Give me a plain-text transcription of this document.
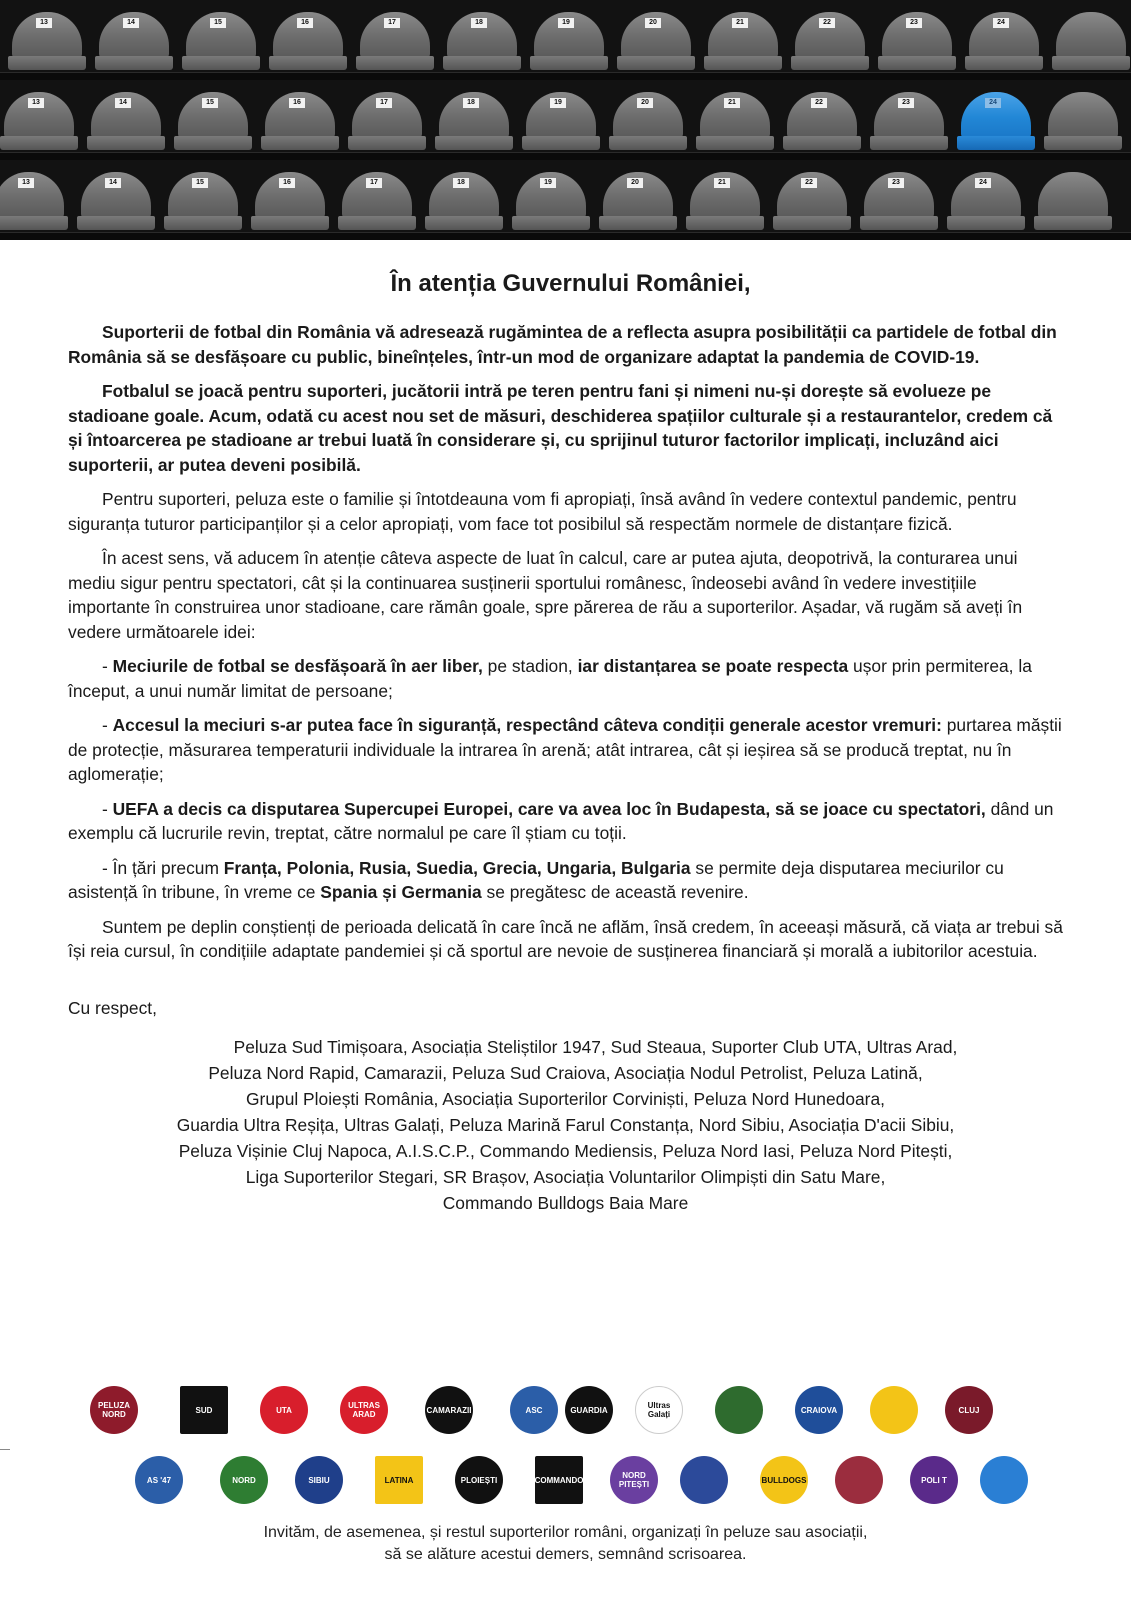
13	14	15	16	17	18	19	20	21	22	23	24
13	14	15	16	17	18	19	20	21	22	23	24
13	14	15	16	17	18	19	20	21	22	23	24
În atenția Guvernului României,

Suporterii de fotbal din România vă adresează rugămintea de a reflecta asupra posibilității ca partidele de fotbal din România să se desfășoare cu public, bineînțeles, într-un mod de organizare adaptat la pandemia de COVID-19.

Fotbalul se joacă pentru suporteri, jucătorii intră pe teren pentru fani și nimeni nu-și dorește să evolueze pe stadioane goale. Acum, odată cu acest nou set de măsuri, deschiderea spațiilor culturale și a restaurantelor, credem că și întoarcerea pe stadioane ar trebui luată în considerare și, cu sprijinul tuturor factorilor implicați, incluzând aici suporterii, ar putea deveni posibilă.

Pentru suporteri, peluza este o familie și întotdeauna vom fi apropiați, însă având în vedere contextul pandemic, pentru siguranța tuturor participanților și a celor apropiați, vom face tot posibilul să respectăm normele de distanțare fizică.

În acest sens, vă aducem în atenție câteva aspecte de luat în calcul, care ar putea ajuta, deopotrivă, la conturarea unui mediu sigur pentru spectatori, cât și la continuarea susținerii sportului românesc, îndeosebi având în vedere investițiile importante în construirea unor stadioane, care rămân goale, spre părerea de rău a suporterilor. Așadar, vă rugăm să aveți în vedere următoarele idei:

- Meciurile de fotbal se desfășoară în aer liber, pe stadion, iar distanțarea se poate respecta ușor prin permiterea, la început, a unui număr limitat de persoane;

- Accesul la meciuri s-ar putea face în siguranță, respectând câteva condiții generale acestor vremuri: purtarea măștii de protecție, măsurarea temperaturii individuale la intrarea în arenă; atât intrarea, cât și ieșirea să se producă treptat, nu în aglomerație;

- UEFA a decis ca disputarea Supercupei Europei, care va avea loc în Budapesta, să se joace cu spectatori, dând un exemplu că lucrurile revin, treptat, către normalul pe care îl știam cu toții.

- În țări precum Franța, Polonia, Rusia, Suedia, Grecia, Ungaria, Bulgaria se permite deja disputarea meciurilor cu asistență în tribune, în vreme ce Spania și Germania se pregătesc de această revenire.

Suntem pe deplin conștienți de perioada delicată în care încă ne aflăm, însă credem, în aceeași măsură, că viața ar trebui să își reia cursul, în condițiile adaptate pandemiei și că sportul are nevoie de susținerea financiară și morală a iubitorilor acestuia.

Cu respect,

Peluza Sud Timișoara, Asociația Steliștilor 1947, Sud Steaua, Suporter Club UTA, Ultras Arad,
Peluza Nord Rapid, Camarazii, Peluza Sud Craiova, Asociația Nodul Petrolist, Peluza Latină,
Grupul Ploiești România, Asociația Suporterilor Corviniști, Peluza Nord Hunedoara,
Guardia Ultra Reșița, Ultras Galați, Peluza Marină Farul Constanța, Nord Sibiu, Asociația D'acii Sibiu,
Peluza Vișinie Cluj Napoca, A.I.S.C.P., Commando Mediensis, Peluza Nord Iasi, Peluza Nord Pitești,
Liga Suporterilor Stegari, SR Brașov, Asociația Voluntarilor Olimpiști din Satu Mare,
Commando Bulldogs Baia Mare
PELUZA NORD	SUD	UTA	ULTRAS ARAD	CAMARAZII	ASC	GUARDIA	Ultras Galați	CRAIOVA	CLUJ
AS '47	NORD	SIBIU	LATINA	PLOIEȘTI	COMMANDO	NORD PITEȘTI	BULLDOGS	POLI T
Invităm, de asemenea, și restul suporterilor români, organizați în peluze sau asociații,
să se alăture acestui demers, semnând scrisoarea.
